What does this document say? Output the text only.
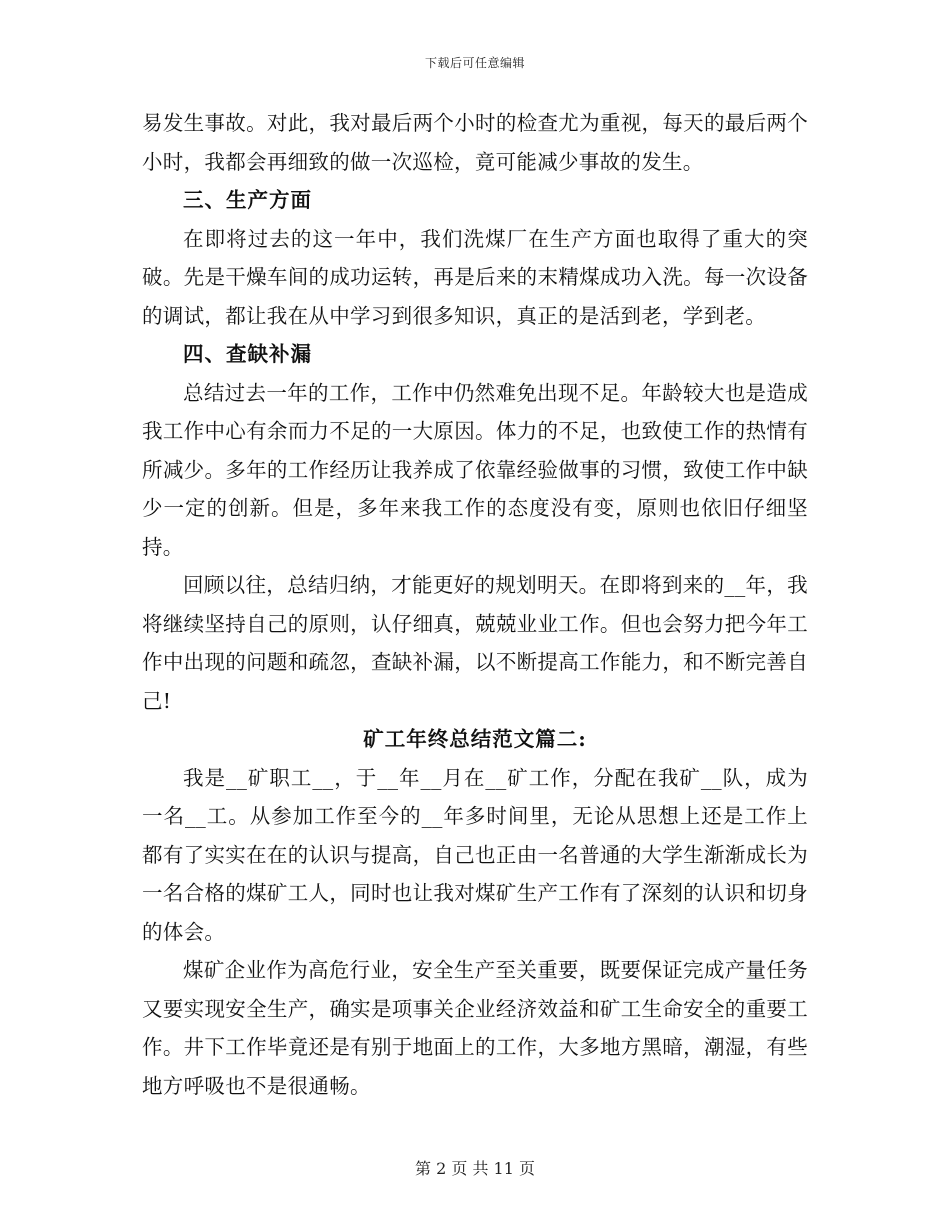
下载后可任意编辑

易发生事故。对此，我对最后两个小时的检查尤为重视，每天的最后两个小时，我都会再细致的做一次巡检，竟可能减少事故的发生。

三、生产方面

在即将过去的这一年中，我们洗煤厂在生产方面也取得了重大的突破。先是干燥车间的成功运转，再是后来的末精煤成功入洗。每一次设备的调试，都让我在从中学习到很多知识，真正的是活到老，学到老。

四、查缺补漏

总结过去一年的工作，工作中仍然难免出现不足。年龄较大也是造成我工作中心有余而力不足的一大原因。体力的不足，也致使工作的热情有所减少。多年的工作经历让我养成了依靠经验做事的习惯，致使工作中缺少一定的创新。但是，多年来我工作的态度没有变，原则也依旧仔细坚持。

回顾以往，总结归纳，才能更好的规划明天。在即将到来的__年，我将继续坚持自己的原则，认仔细真，兢兢业业工作。但也会努力把今年工作中出现的问题和疏忽，查缺补漏，以不断提高工作能力，和不断完善自己!

矿工年终总结范文篇二:

我是__矿职工__，于__年__月在__矿工作，分配在我矿__队，成为一名__工。从参加工作至今的__年多时间里，无论从思想上还是工作上都有了实实在在的认识与提高，自己也正由一名普通的大学生渐渐成长为一名合格的煤矿工人，同时也让我对煤矿生产工作有了深刻的认识和切身的体会。

煤矿企业作为高危行业，安全生产至关重要，既要保证完成产量任务又要实现安全生产，确实是项事关企业经济效益和矿工生命安全的重要工作。井下工作毕竟还是有别于地面上的工作，大多地方黑暗，潮湿，有些地方呼吸也不是很通畅。

第 2 页 共 11 页
